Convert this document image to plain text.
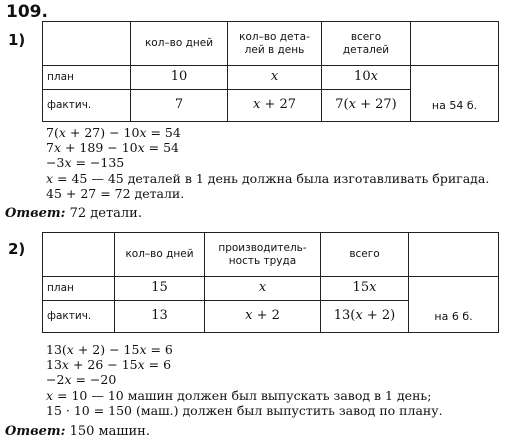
109.
1)
		кол–во дней	кол–во дета-
лей в день	всего
деталей	
план	10	x	10x	на 54 б.
фактич.	7	x + 27	7(x + 27)	
7(x + 27) − 10x = 54
7x + 189 − 10x = 54
−3x = −135
x = 45 — 45 деталей в 1 день должна была изготавливать бригада.
45 + 27 = 72 детали.
Ответ: 72 детали.
2)
		кол–во дней	производитель-
ность труда	всего	
план	15	x	15x	на 6 б.
фактич.	13	x + 2	13(x + 2)	
13(x + 2) − 15x = 6
13x + 26 − 15x = 6
−2x = −20
x = 10 — 10 машин должен был выпускать завод в 1 день;
15 · 10 = 150 (маш.) должен был выпустить завод по плану.
Ответ: 150 машин.
